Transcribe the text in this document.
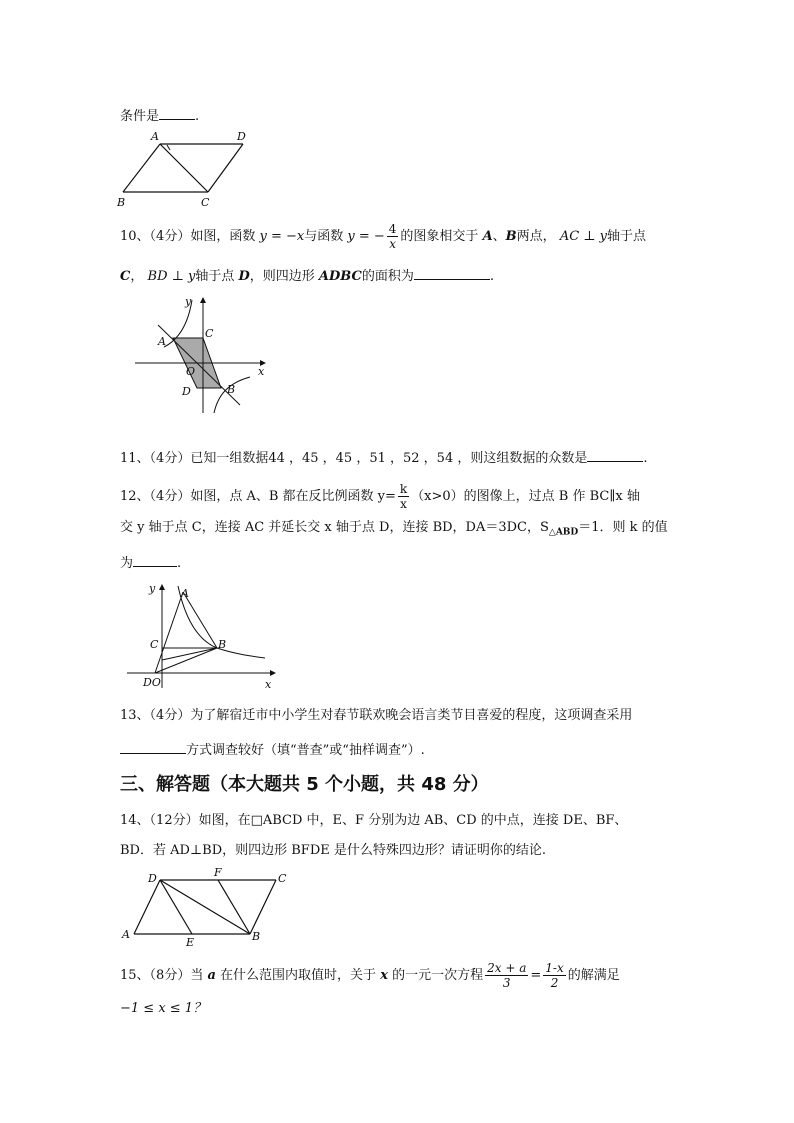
条件是	.
A	D
B	C
10、（4分）如图，函数 y = −x与函数 y = − $\frac{4}{x}$ 的图象相交于 A、B两点， AC ⊥ y轴于点
C， BD ⊥ y轴于点 D，则四边形 ADBC的面积为	.
y
x
A
C
O
D	B
11、（4分）已知一组数据44 ，45 ，45 ，51 ，52 ，54 ，则这组数据的众数是	.
12、（4分）如图，点 A、B 都在反比例函数 $y= \frac{k}{x} (x>0)$的图像上，过点 B 作 BC∥x 轴
交 y 轴于点 C，连接 AC 并延长交 x 轴于点 D，连接 BD，DA＝3DC，$S_{\triangle ABD}=1$．则 k 的值
为	.
y A
C	B
DO	x
13、（4分）为了解宿迁市中小学生对春节联欢晚会语言类节目喜爱的程度，这项调查采用
方式调查较好（填“普查”或“抽样调查”）.
三、解答题（本大题共 5 个小题，共 48 分）
14、（12分）如图，在□ABCD 中，E、F 分别为边 AB、CD 的中点，连接 DE、BF、
BD．若 AD⊥BD，则四边形 BFDE 是什么特殊四边形？请证明你的结论.
D	F	C
A
E	B
15、（8分）当 a 在什么范围内取值时，关于 x 的一元一次方程 $\frac{2x + a}{3} = \frac{1-x}{2}$ 的解满足
−1 ≤ x ≤ 1？
